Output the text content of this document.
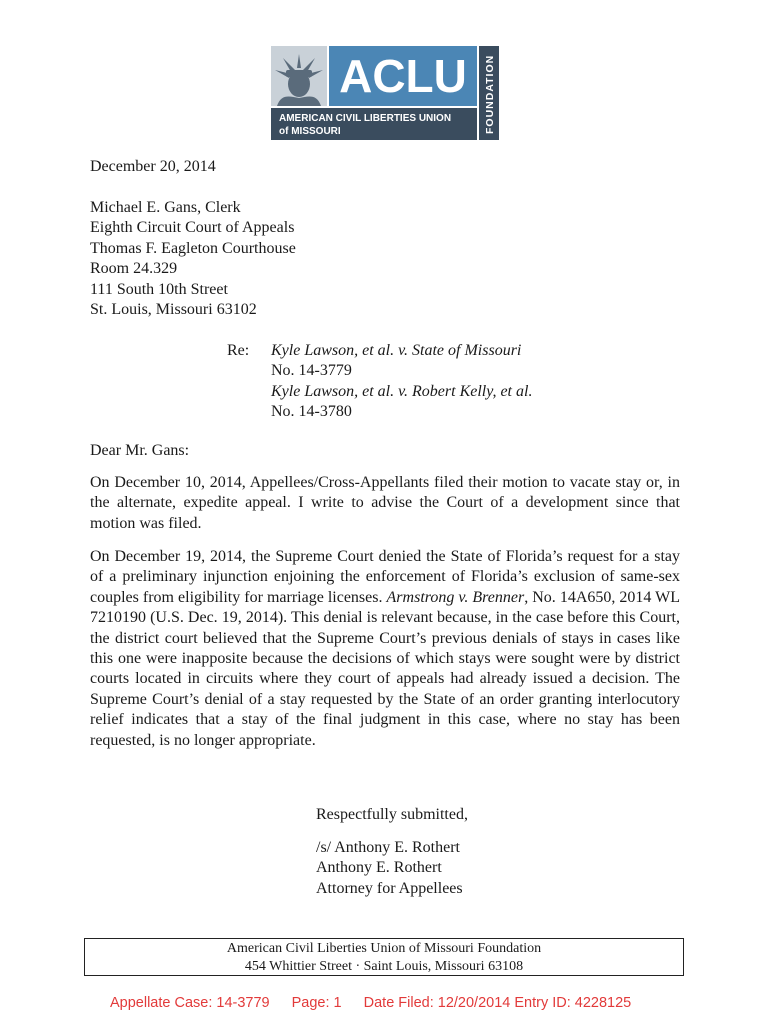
ACLU
AMERICAN CIVIL LIBERTIES UNION
of MISSOURI	FOUNDATION
December 20, 2014
Michael E. Gans, Clerk
Eighth Circuit Court of Appeals
Thomas F. Eagleton Courthouse
Room 24.329
111 South 10th Street
St. Louis, Missouri 63102
Re: Kyle Lawson, et al. v. State of Missouri
No. 14-3779
Kyle Lawson, et al. v. Robert Kelly, et al.
No. 14-3780
Dear Mr. Gans:
On December 10, 2014, Appellees/Cross-Appellants filed their motion to vacate stay or, in the alternate, expedite appeal. I write to advise the Court of a development since that motion was filed.
On December 19, 2014, the Supreme Court denied the State of Florida’s request for a stay of a preliminary injunction enjoining the enforcement of Florida’s exclusion of same-sex couples from eligibility for marriage licenses. Armstrong v. Brenner, No. 14A650, 2014 WL 7210190 (U.S. Dec. 19, 2014). This denial is relevant because, in the case before this Court, the district court believed that the Supreme Court’s previous denials of stays in cases like this one were inapposite because the decisions of which stays were sought were by district courts located in circuits where they court of appeals had already issued a decision. The Supreme Court’s denial of a stay requested by the State of an order granting interlocutory relief indicates that a stay of the final judgment in this case, where no stay has been requested, is no longer appropriate.
Respectfully submitted,
/s/ Anthony E. Rothert
Anthony E. Rothert
Attorney for Appellees
American Civil Liberties Union of Missouri Foundation
454 Whittier Street · Saint Louis, Missouri 63108
Appellate Case: 14-3779 Page: 1 Date Filed: 12/20/2014 Entry ID: 4228125
